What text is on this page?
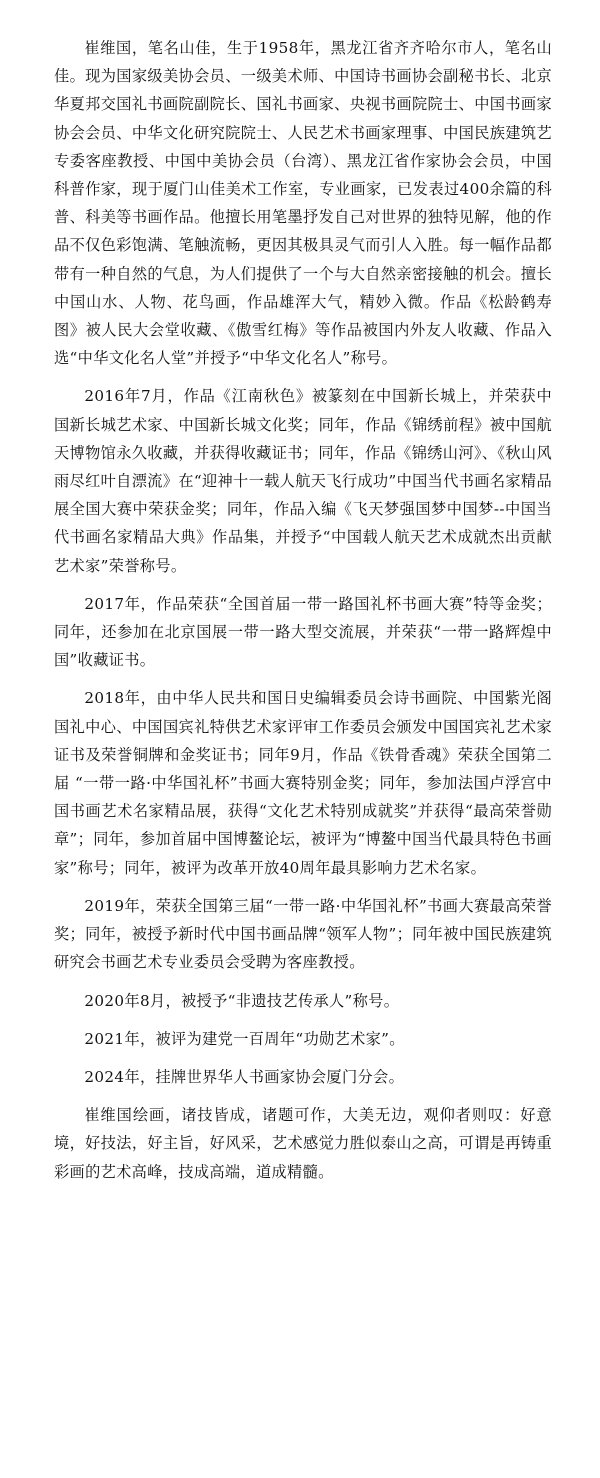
崔维国，笔名山佳，生于1958年，黑龙江省齐齐哈尔市人，笔名山佳。现为国家级美协会员、一级美术师、中国诗书画协会副秘书长、北京华夏邦交国礼书画院副院长、国礼书画家、央视书画院院士、中国书画家协会会员、中华文化研究院院士、人民艺术书画家理事、中国民族建筑艺专委客座教授、中国中美协会员（台湾）、黑龙江省作家协会会员，中国科普作家，现于厦门山佳美术工作室，专业画家，已发表过400余篇的科普、科美等书画作品。他擅长用笔墨抒发自己对世界的独特见解，他的作品不仅色彩饱满、笔触流畅，更因其极具灵气而引人入胜。每一幅作品都带有一种自然的气息，为人们提供了一个与大自然亲密接触的机会。擅长中国山水、人物、花鸟画，作品雄浑大气，精妙入微。作品《松龄鹤寿图》被人民大会堂收藏、《傲雪红梅》等作品被国内外友人收藏、作品入选“中华文化名人堂”并授予“中华文化名人”称号。

2016年7月，作品《江南秋色》被篆刻在中国新长城上，并荣获中国新长城艺术家、中国新长城文化奖；同年，作品《锦绣前程》被中国航天博物馆永久收藏，并获得收藏证书；同年，作品《锦绣山河》、《秋山风雨尽红叶自漂流》在“迎神十一载人航天飞行成功”中国当代书画名家精品展全国大赛中荣获金奖；同年，作品入编《飞天梦强国梦中国梦--中国当代书画名家精品大典》作品集，并授予“中国载人航天艺术成就杰出贡献艺术家”荣誉称号。

2017年，作品荣获“全国首届一带一路国礼杯书画大赛”特等金奖；同年，还参加在北京国展一带一路大型交流展，并荣获“一带一路辉煌中国”收藏证书。

2018年，由中华人民共和国日史编辑委员会诗书画院、中国紫光阁国礼中心、中国国宾礼特供艺术家评审工作委员会颁发中国国宾礼艺术家证书及荣誉铜牌和金奖证书；同年9月，作品《铁骨香魂》荣获全国第二届 “一带一路·中华国礼杯”书画大赛特别金奖；同年，参加法国卢浮宫中国书画艺术名家精品展，获得“文化艺术特别成就奖”并获得“最高荣誉勋章”；同年，参加首届中国博鳌论坛，被评为“博鳌中国当代最具特色书画家”称号；同年，被评为改革开放40周年最具影响力艺术名家。

2019年，荣获全国第三届“一带一路·中华国礼杯”书画大赛最高荣誉奖；同年，被授予新时代中国书画品牌“领军人物”；同年被中国民族建筑研究会书画艺术专业委员会受聘为客座教授。

2020年8月，被授予“非遗技艺传承人”称号。

2021年，被评为建党一百周年“功勋艺术家”。

2024年，挂牌世界华人书画家协会厦门分会。

崔维国绘画，诸技皆成，诸题可作，大美无边，观仰者则叹：好意境，好技法，好主旨，好风采，艺术感觉力胜似泰山之高，可谓是再铸重彩画的艺术高峰，技成高端，道成精髓。
